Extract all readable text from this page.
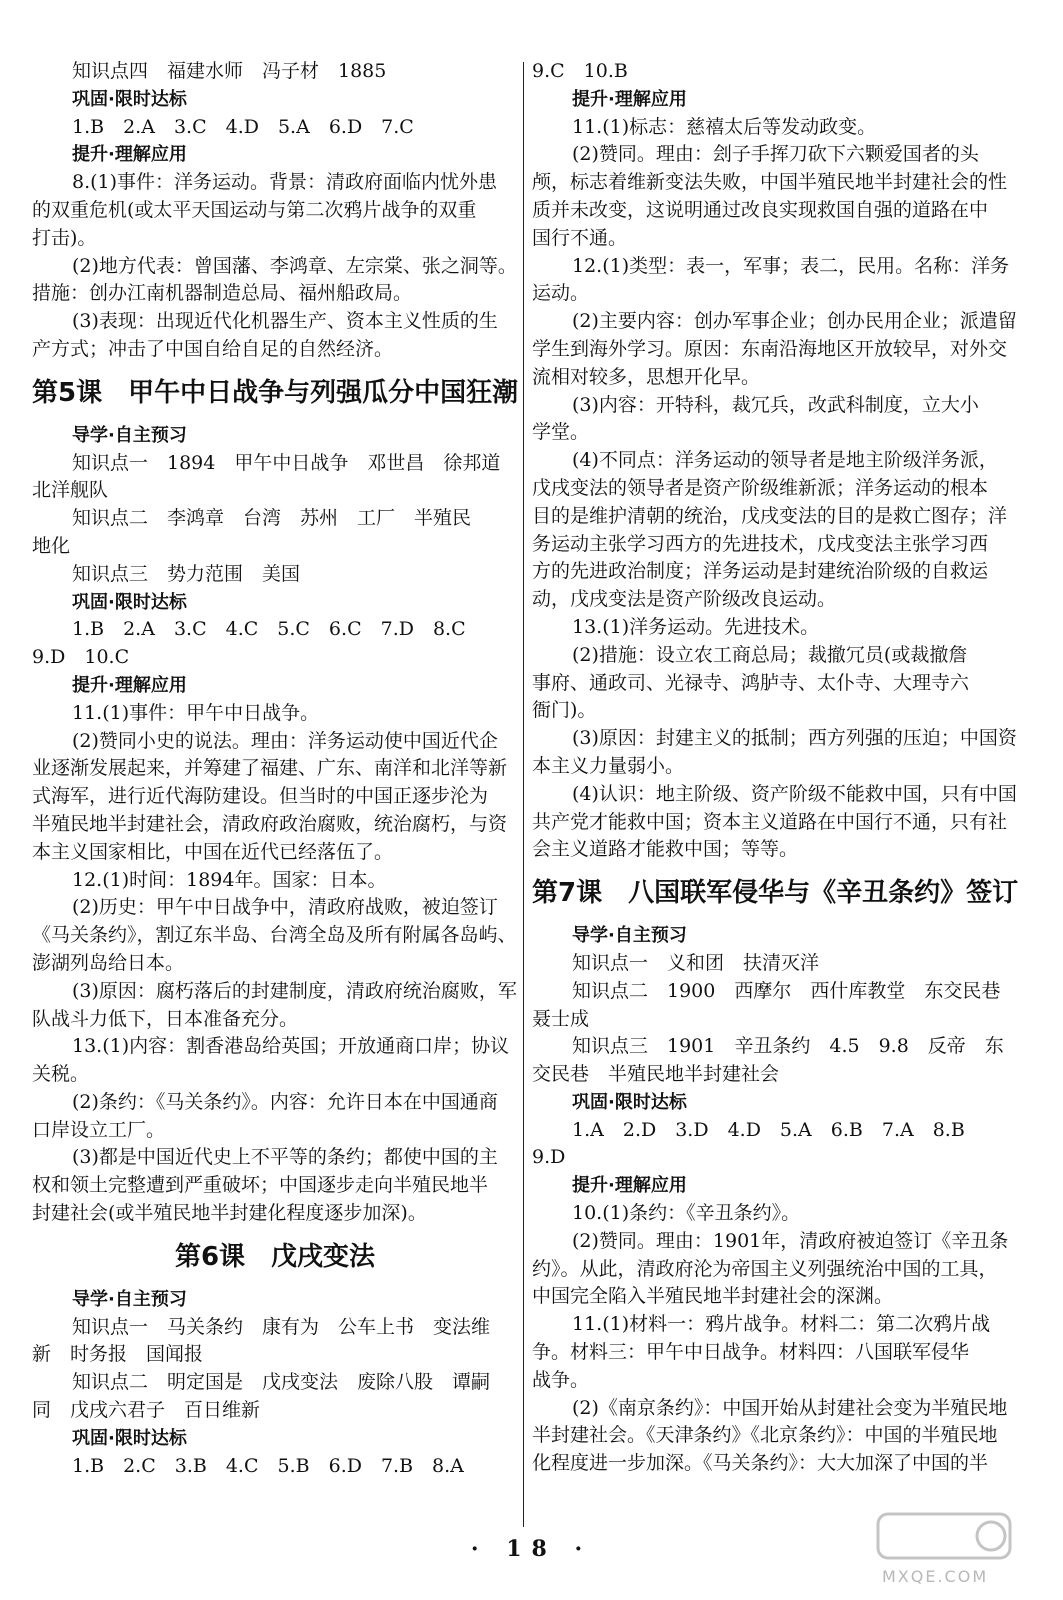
知识点四　福建水师　冯子材　1885
巩固·限时达标
1.B　2.A　3.C　4.D　5.A　6.D　7.C
提升·理解应用
8.(1)事件：洋务运动。背景：清政府面临内忧外患
的双重危机(或太平天国运动与第二次鸦片战争的双重
打击)。
(2)地方代表：曾国藩、李鸿章、左宗棠、张之洞等。
措施：创办江南机器制造总局、福州船政局。
(3)表现：出现近代化机器生产、资本主义性质的生
产方式；冲击了中国自给自足的自然经济。
第5课　甲午中日战争与列强瓜分中国狂潮
导学·自主预习
知识点一　1894　甲午中日战争　邓世昌　徐邦道
北洋舰队
知识点二　李鸿章　台湾　苏州　工厂　半殖民
地化
知识点三　势力范围　美国
巩固·限时达标
1.B　2.A　3.C　4.C　5.C　6.C　7.D　8.C
9.D　10.C
提升·理解应用
11.(1)事件：甲午中日战争。
(2)赞同小史的说法。理由：洋务运动使中国近代企
业逐渐发展起来，并筹建了福建、广东、南洋和北洋等新
式海军，进行近代海防建设。但当时的中国正逐步沦为
半殖民地半封建社会，清政府政治腐败，统治腐朽，与资
本主义国家相比，中国在近代已经落伍了。
12.(1)时间：1894年。国家：日本。
(2)历史：甲午中日战争中，清政府战败，被迫签订
《马关条约》，割辽东半岛、台湾全岛及所有附属各岛屿、
澎湖列岛给日本。
(3)原因：腐朽落后的封建制度，清政府统治腐败，军
队战斗力低下，日本准备充分。
13.(1)内容：割香港岛给英国；开放通商口岸；协议
关税。
(2)条约：《马关条约》。内容：允许日本在中国通商
口岸设立工厂。
(3)都是中国近代史上不平等的条约；都使中国的主
权和领土完整遭到严重破坏；中国逐步走向半殖民地半
封建社会(或半殖民地半封建化程度逐步加深)。
第6课　戊戌变法
导学·自主预习
知识点一　马关条约　康有为　公车上书　变法维
新　时务报　国闻报
知识点二　明定国是　戊戌变法　废除八股　谭嗣
同　戊戌六君子　百日维新
巩固·限时达标
1.B　2.C　3.B　4.C　5.B　6.D　7.B　8.A
9.C　10.B
提升·理解应用
11.(1)标志：慈禧太后等发动政变。
(2)赞同。理由：刽子手挥刀砍下六颗爱国者的头
颅，标志着维新变法失败，中国半殖民地半封建社会的性
质并未改变，这说明通过改良实现救国自强的道路在中
国行不通。
12.(1)类型：表一，军事；表二，民用。名称：洋务
运动。
(2)主要内容：创办军事企业；创办民用企业；派遣留
学生到海外学习。原因：东南沿海地区开放较早，对外交
流相对较多，思想开化早。
(3)内容：开特科，裁冗兵，改武科制度，立大小
学堂。
(4)不同点：洋务运动的领导者是地主阶级洋务派，
戊戌变法的领导者是资产阶级维新派；洋务运动的根本
目的是维护清朝的统治，戊戌变法的目的是救亡图存；洋
务运动主张学习西方的先进技术，戊戌变法主张学习西
方的先进政治制度；洋务运动是封建统治阶级的自救运
动，戊戌变法是资产阶级改良运动。
13.(1)洋务运动。先进技术。
(2)措施：设立农工商总局；裁撤冗员(或裁撤詹
事府、通政司、光禄寺、鸿胪寺、太仆寺、大理寺六
衙门)。
(3)原因：封建主义的抵制；西方列强的压迫；中国资
本主义力量弱小。
(4)认识：地主阶级、资产阶级不能救中国，只有中国
共产党才能救中国；资本主义道路在中国行不通，只有社
会主义道路才能救中国；等等。
第7课　八国联军侵华与《辛丑条约》签订
导学·自主预习
知识点一　义和团　扶清灭洋
知识点二　1900　西摩尔　西什库教堂　东交民巷
聂士成
知识点三　1901　辛丑条约　4.5　9.8　反帝　东
交民巷　半殖民地半封建社会
巩固·限时达标
1.A　2.D　3.D　4.D　5.A　6.B　7.A　8.B
9.D
提升·理解应用
10.(1)条约：《辛丑条约》。
(2)赞同。理由：1901年，清政府被迫签订《辛丑条
约》。从此，清政府沦为帝国主义列强统治中国的工具，
中国完全陷入半殖民地半封建社会的深渊。
11.(1)材料一：鸦片战争。材料二：第二次鸦片战
争。材料三：甲午中日战争。材料四：八国联军侵华
战争。
(2)《南京条约》：中国开始从封建社会变为半殖民地
半封建社会。《天津条约》《北京条约》：中国的半殖民地
化程度进一步加深。《马关条约》：大大加深了中国的半
· 18 ·
MXQE.COM
